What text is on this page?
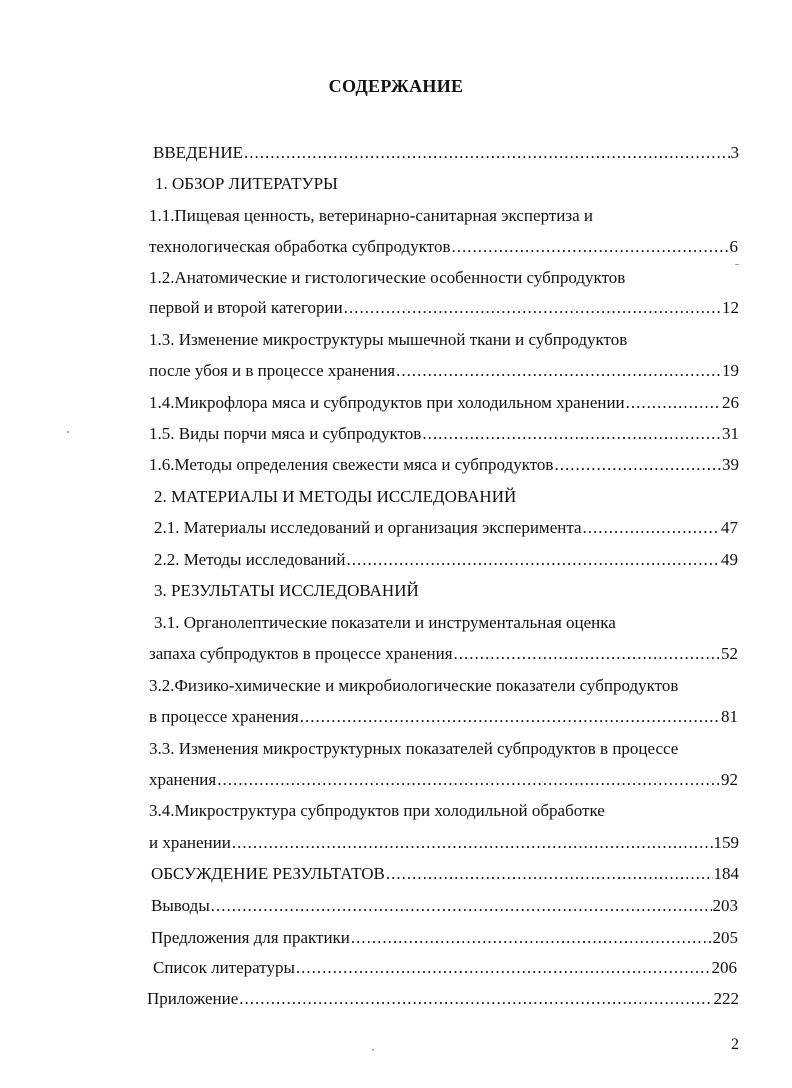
СОДЕРЖАНИЕ
ВВЕДЕНИЕ .....	3
1. ОБЗОР ЛИТЕРАТУРЫ
1.1.Пищевая ценность, ветеринарно-санитарная экспертиза и
технологическая обработка субпродуктов .....	6
1.2.Анатомические и гистологические особенности субпродуктов
первой и второй категории .....	12
1.3. Изменение микроструктуры мышечной ткани и субпродуктов
после убоя и в процессе хранения .....	19
1.4.Микрофлора мяса и субпродуктов при холодильном хранении .....	26
1.5. Виды порчи мяса и субпродуктов .....	31
1.6.Методы определения свежести мяса и субпродуктов .....	39
2. МАТЕРИАЛЫ И МЕТОДЫ ИССЛЕДОВАНИЙ
2.1. Материалы исследований и организация эксперимента .....	47
2.2. Методы исследований .....	49
3. РЕЗУЛЬТАТЫ ИССЛЕДОВАНИЙ
3.1. Органолептические показатели и инструментальная оценка
запаха субпродуктов в процессе хранения .....	52
3.2.Физико-химические и микробиологические показатели субпродуктов
в процессе хранения .....	81
3.3. Изменения микроструктурных показателей субпродуктов в процессе
хранения .....	92
3.4.Микроструктура субпродуктов при холодильной обработке
и хранении .....	159
ОБСУЖДЕНИЕ РЕЗУЛЬТАТОВ .....	184
Выводы .....	203
Предложения для практики .....	205
Список литературы .....	206
Приложение .....	222
2
